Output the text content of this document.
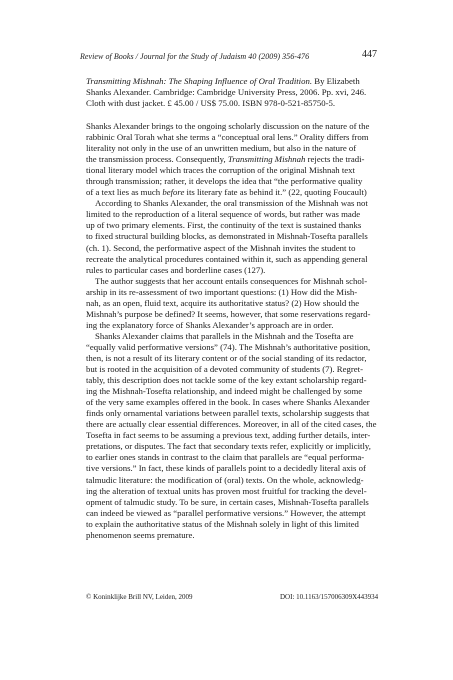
Review of Books / Journal for the Study of Judaism 40 (2009) 356-476	447
Transmitting Mishnah: The Shaping Influence of Oral Tradition. By Elizabeth
Shanks Alexander. Cambridge: Cambridge University Press, 2006. Pp. xvi, 246.
Cloth with dust jacket. £ 45.00 / US$ 75.00. ISBN 978-0-521-85750-5.
Shanks Alexander brings to the ongoing scholarly discussion on the nature of the
rabbinic Oral Torah what she terms a “conceptual oral lens.” Orality differs from
literality not only in the use of an unwritten medium, but also in the nature of
the transmission process. Consequently, Transmitting Mishnah rejects the tradi-
tional literary model which traces the corruption of the original Mishnah text
through transmission; rather, it develops the idea that “the performative quality
of a text lies as much before its literary fate as behind it.” (22, quoting Foucault)
According to Shanks Alexander, the oral transmission of the Mishnah was not
limited to the reproduction of a literal sequence of words, but rather was made
up of two primary elements. First, the continuity of the text is sustained thanks
to fixed structural building blocks, as demonstrated in Mishnah-Tosefta parallels
(ch. 1). Second, the performative aspect of the Mishnah invites the student to
recreate the analytical procedures contained within it, such as appending general
rules to particular cases and borderline cases (127).
The author suggests that her account entails consequences for Mishnah schol-
arship in its re-assessment of two important questions: (1) How did the Mish-
nah, as an open, fluid text, acquire its authoritative status? (2) How should the
Mishnah’s purpose be defined? It seems, however, that some reservations regard-
ing the explanatory force of Shanks Alexander’s approach are in order.
Shanks Alexander claims that parallels in the Mishnah and the Tosefta are
“equally valid performative versions” (74). The Mishnah’s authoritative position,
then, is not a result of its literary content or of the social standing of its redactor,
but is rooted in the acquisition of a devoted community of students (7). Regret-
tably, this description does not tackle some of the key extant scholarship regard-
ing the Mishnah-Tosefta relationship, and indeed might be challenged by some
of the very same examples offered in the book. In cases where Shanks Alexander
finds only ornamental variations between parallel texts, scholarship suggests that
there are actually clear essential differences. Moreover, in all of the cited cases, the
Tosefta in fact seems to be assuming a previous text, adding further details, inter-
pretations, or disputes. The fact that secondary texts refer, explicitly or implicitly,
to earlier ones stands in contrast to the claim that parallels are “equal performa-
tive versions.” In fact, these kinds of parallels point to a decidedly literal axis of
talmudic literature: the modification of (oral) texts. On the whole, acknowledg-
ing the alteration of textual units has proven most fruitful for tracking the devel-
opment of talmudic study. To be sure, in certain cases, Mishnah-Tosefta parallels
can indeed be viewed as “parallel performative versions.” However, the attempt
to explain the authoritative status of the Mishnah solely in light of this limited
phenomenon seems premature.
© Koninklijke Brill NV, Leiden, 2009	DOI: 10.1163/157006309X443934
